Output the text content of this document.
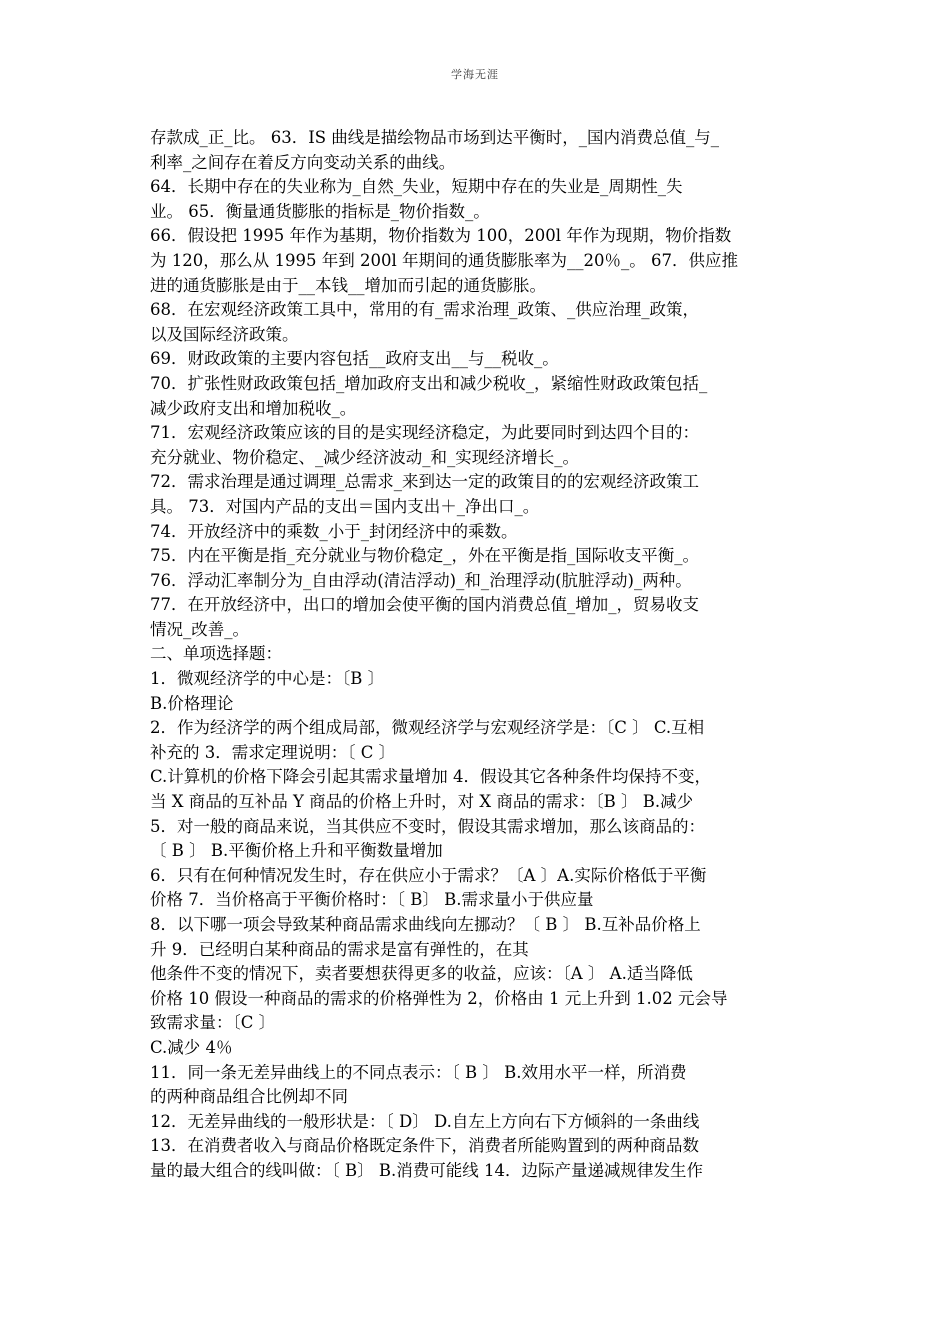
学海无涯
存款成_正_比。 63．IS 曲线是描绘物品市场到达平衡时，_国内消费总值_与_
利率_之间存在着反方向变动关系的曲线。
64．长期中存在的失业称为_自然_失业，短期中存在的失业是_周期性_失
业。 65．衡量通货膨胀的指标是_物价指数_。
66．假设把 1995 年作为基期，物价指数为 100，200l 年作为现期，物价指数
为 120，那么从 1995 年到 200l 年期间的通货膨胀率为__20％_。 67．供应推
进的通货膨胀是由于__本钱__增加而引起的通货膨胀。
68．在宏观经济政策工具中，常用的有_需求治理_政策、_供应治理_政策，
以及国际经济政策。
69．财政政策的主要内容包括__政府支出__与__税收_。
70．扩张性财政政策包括_增加政府支出和减少税收_，紧缩性财政政策包括_
减少政府支出和增加税收_。
71．宏观经济政策应该的目的是实现经济稳定，为此要同时到达四个目的：
充分就业、物价稳定、_减少经济波动_和_实现经济增长_。
72．需求治理是通过调理_总需求_来到达一定的政策目的的宏观经济政策工
具。 73．对国内产品的支出＝国内支出＋_净出口_。
74．开放经济中的乘数_小于_封闭经济中的乘数。
75．内在平衡是指_充分就业与物价稳定_，外在平衡是指_国际收支平衡_。
76．浮动汇率制分为_自由浮动(清洁浮动)_和_治理浮动(肮脏浮动)_两种。
77．在开放经济中，出口的增加会使平衡的国内消费总值_增加_，贸易收支
情况_改善_。
二、单项选择题：
1．微观经济学的中心是：〔B 〕
B.价格理论
2．作为经济学的两个组成局部，微观经济学与宏观经济学是：〔C 〕 C.互相
补充的 3．需求定理说明：〔 C 〕
C.计算机的价格下降会引起其需求量增加 4．假设其它各种条件均保持不变，
当 X 商品的互补品 Y 商品的价格上升时，对 X 商品的需求：〔B 〕 B.减少
5．对一般的商品来说，当其供应不变时，假设其需求增加，那么该商品的：
〔 B 〕 B.平衡价格上升和平衡数量增加
6．只有在何种情况发生时，存在供应小于需求？〔A 〕A.实际价格低于平衡
价格 7．当价格高于平衡价格时：〔 B〕 B.需求量小于供应量
8．以下哪一项会导致某种商品需求曲线向左挪动？〔 B 〕 B.互补品价格上
升 9．已经明白某种商品的需求是富有弹性的，在其
他条件不变的情况下，卖者要想获得更多的收益，应该：〔A 〕 A.适当降低
价格 10 假设一种商品的需求的价格弹性为 2，价格由 1 元上升到 1.02 元会导
致需求量：〔C 〕
C.减少 4％
11．同一条无差异曲线上的不同点表示：〔 B 〕 B.效用水平一样，所消费
的两种商品组合比例却不同
12．无差异曲线的一般形状是：〔 D〕 D.自左上方向右下方倾斜的一条曲线
13．在消费者收入与商品价格既定条件下，消费者所能购置到的两种商品数
量的最大组合的线叫做：〔 B〕 B.消费可能线 14．边际产量递减规律发生作
